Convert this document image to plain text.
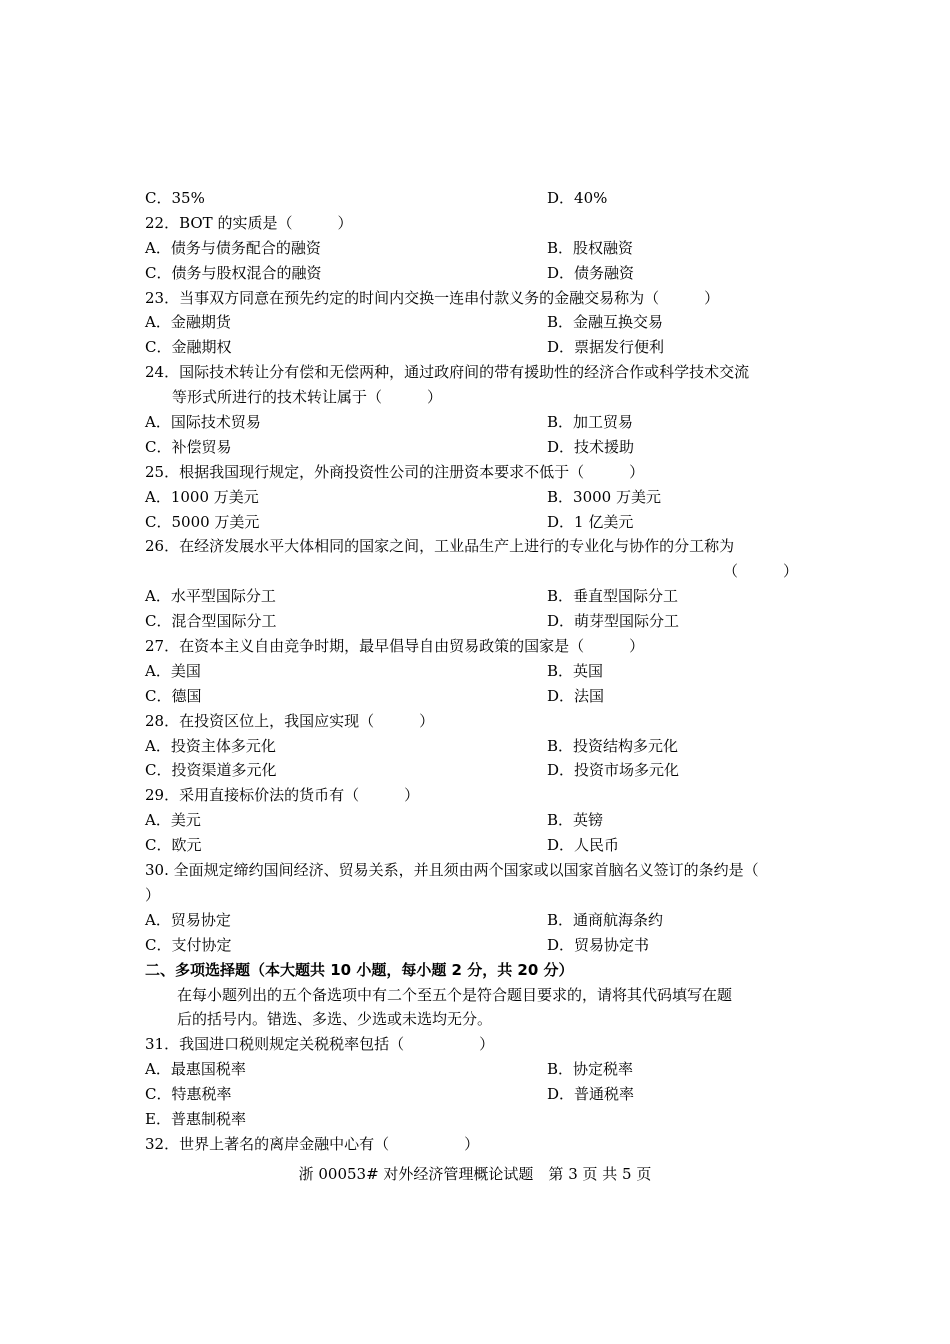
C．35%	D．40%
22．BOT 的实质是（　　　）
A．债务与债务配合的融资	B．股权融资
C．债务与股权混合的融资	D．债务融资
23．当事双方同意在预先约定的时间内交换一连串付款义务的金融交易称为（　　　）
A．金融期货	B．金融互换交易
C．金融期权	D．票据发行便利
24．国际技术转让分有偿和无偿两种，通过政府间的带有援助性的经济合作或科学技术交流
等形式所进行的技术转让属于（　　　）
A．国际技术贸易	B．加工贸易
C．补偿贸易	D．技术援助
25．根据我国现行规定，外商投资性公司的注册资本要求不低于（　　　）
A．1000 万美元	B．3000 万美元
C．5000 万美元	D．1 亿美元
26．在经济发展水平大体相同的国家之间，工业品生产上进行的专业化与协作的分工称为
（　　　）
A．水平型国际分工	B．垂直型国际分工
C．混合型国际分工	D．萌芽型国际分工
27．在资本主义自由竞争时期，最早倡导自由贸易政策的国家是（　　　）
A．美国	B．英国
C．德国	D．法国
28．在投资区位上，我国应实现（　　　）
A．投资主体多元化	B．投资结构多元化
C．投资渠道多元化	D．投资市场多元化
29．采用直接标价法的货币有（　　　）
A．美元	B．英镑
C．欧元	D．人民币
30. 全面规定缔约国间经济、贸易关系，并且须由两个国家或以国家首脑名义签订的条约是（
）
A．贸易协定	B．通商航海条约
C．支付协定	D．贸易协定书
二、多项选择题（本大题共 10 小题，每小题 2 分，共 20 分）
在每小题列出的五个备选项中有二个至五个是符合题目要求的，请将其代码填写在题
后的括号内。错选、多选、少选或未选均无分。
31．我国进口税则规定关税税率包括（　　　　　）
A．最惠国税率	B．协定税率
C．特惠税率	D．普通税率
E．普惠制税率
32．世界上著名的离岸金融中心有（　　　　　）
浙 00053# 对外经济管理概论试题　第 3 页 共 5 页
